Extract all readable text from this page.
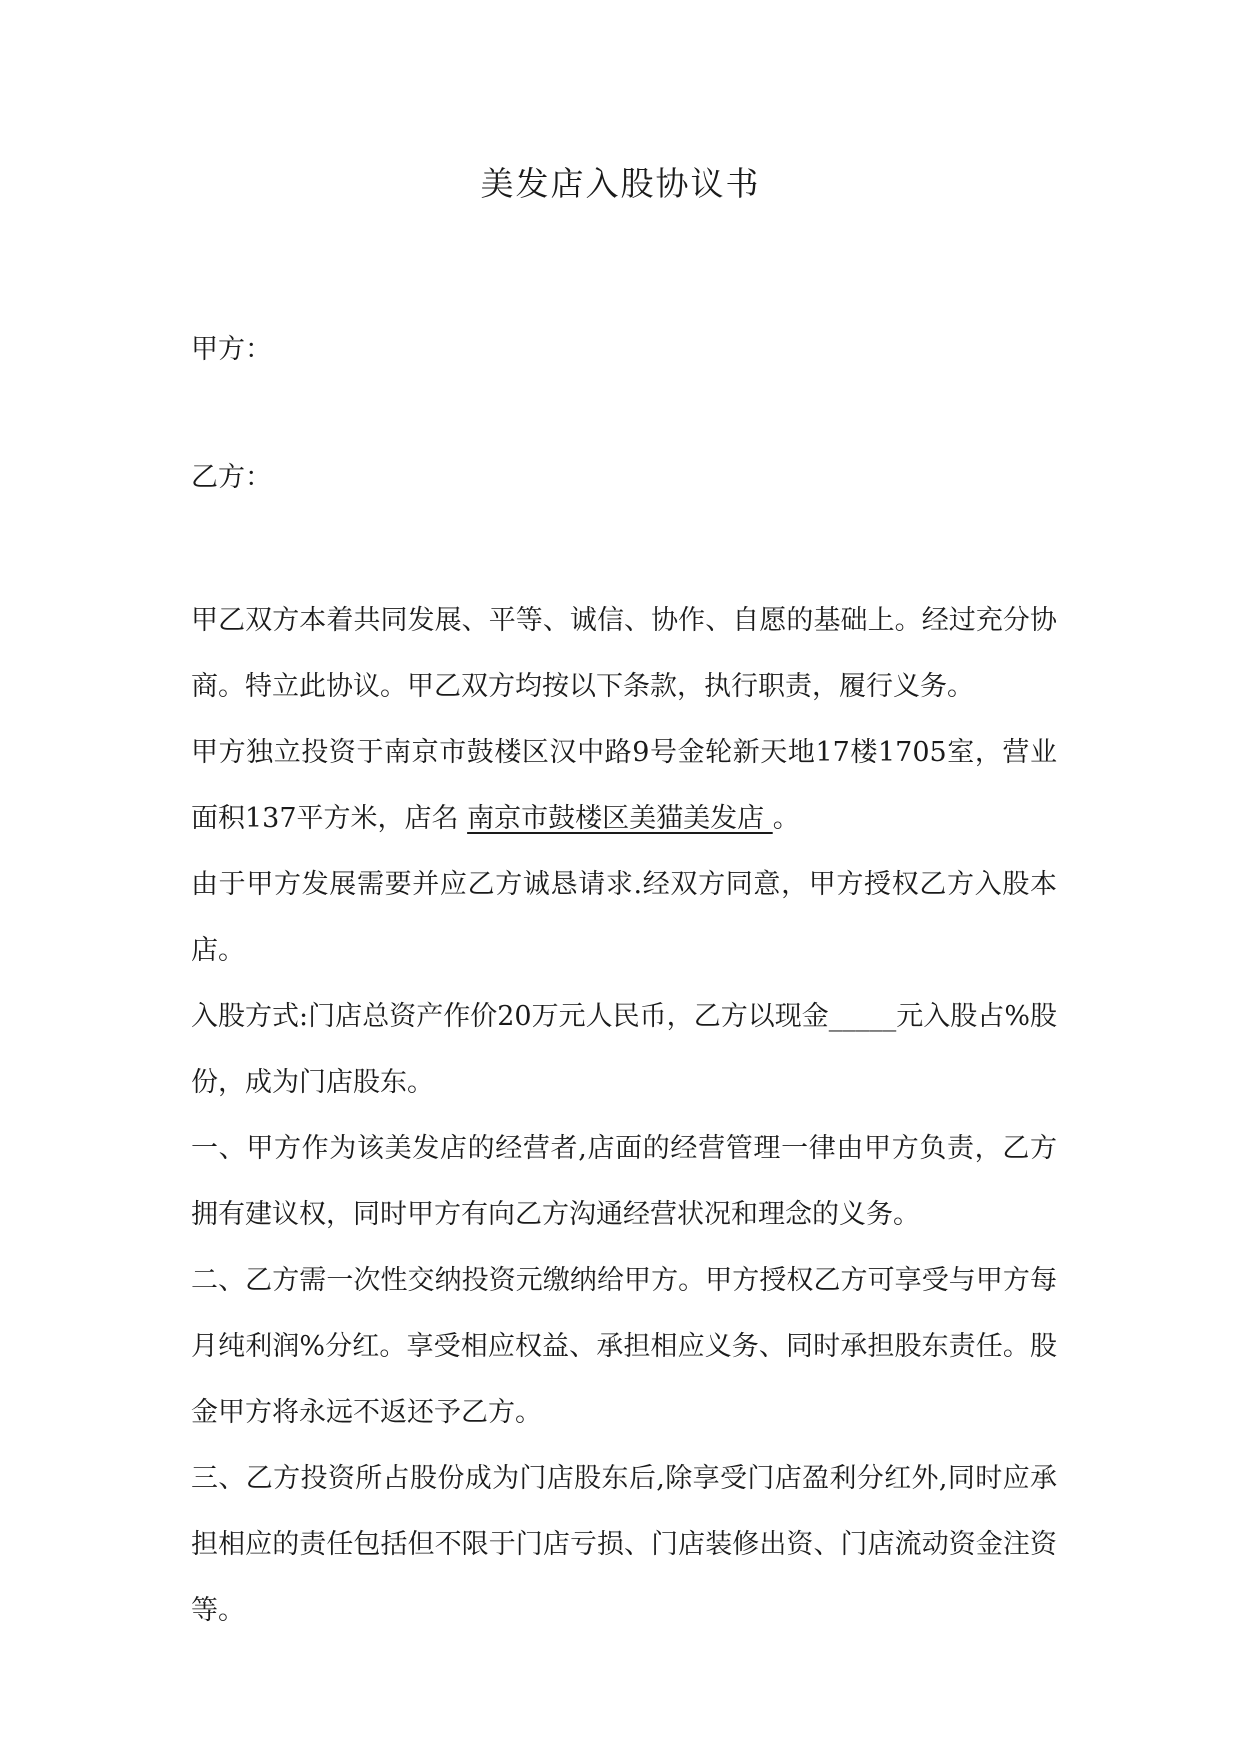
美发店入股协议书

甲方：

乙方：

甲乙双方本着共同发展、平等、诚信、协作、自愿的基础上。经过充分协商。特立此协议。甲乙双方均按以下条款，执行职责，履行义务。

甲方独立投资于南京市鼓楼区汉中路9号金轮新天地17楼1705室，营业面积137平方米，店名 南京市鼓楼区美猫美发店 。

由于甲方发展需要并应乙方诚恳请求.经双方同意，甲方授权乙方入股本店。

入股方式:门店总资产作价20万元人民币，乙方以现金_____元入股占%股份，成为门店股东。

一、甲方作为该美发店的经营者,店面的经营管理一律由甲方负责，乙方拥有建议权，同时甲方有向乙方沟通经营状况和理念的义务。

二、乙方需一次性交纳投资元缴纳给甲方。甲方授权乙方可享受与甲方每月纯利润%分红。享受相应权益、承担相应义务、同时承担股东责任。股金甲方将永远不返还予乙方。

三、乙方投资所占股份成为门店股东后,除享受门店盈利分红外,同时应承担相应的责任包括但不限于门店亏损、门店装修出资、门店流动资金注资等。
